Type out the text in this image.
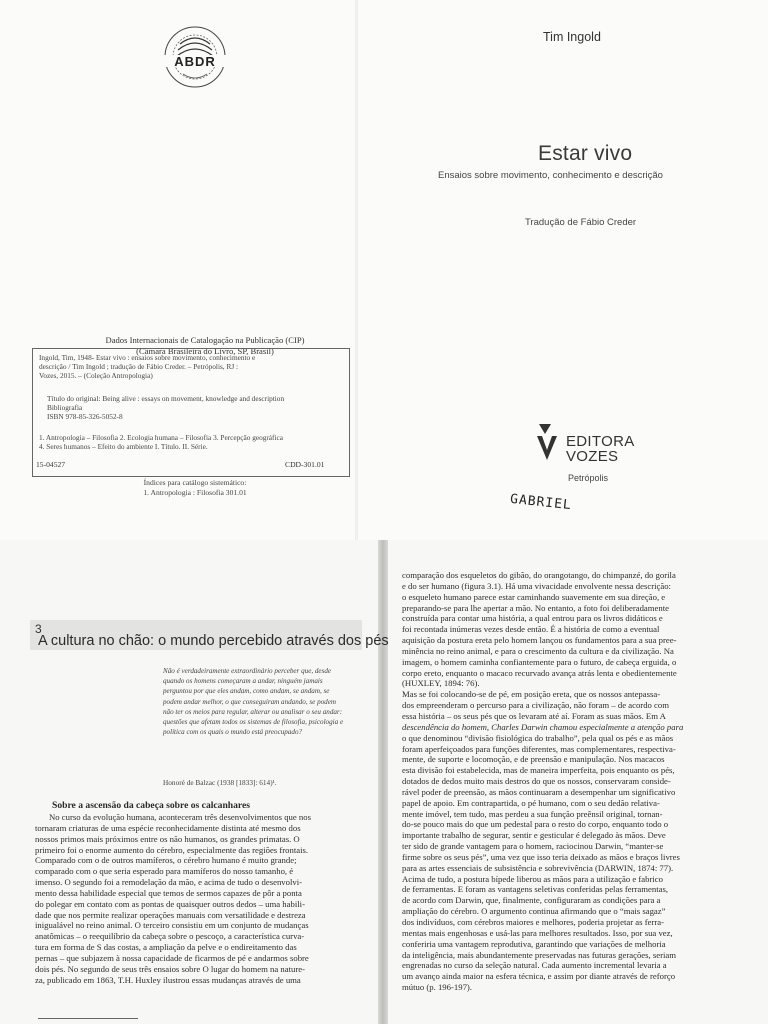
ABDR
Tim Ingold
Estar vivo
Ensaios sobre movimento, conhecimento e descrição
Tradução de Fábio Creder
Dados Internacionais de Catalogação na Publicação (CIP)
(Câmara Brasileira do Livro, SP, Brasil)
Ingold, Tim, 1948- Estar vivo : ensaios sobre movimento, conhecimento e
descrição / Tim Ingold ; tradução de Fábio Creder. – Petrópolis, RJ :
Vozes, 2015. – (Coleção Antropologia)
Título do original: Being alive : essays on movement, knowledge and description
Bibliografia
ISBN 978-85-326-5052-8
1. Antropologia – Filosofia 2. Ecologia humana – Filosofia 3. Percepção geográfica
4. Seres humanos – Efeito do ambiente I. Título. II. Série.
15-04527	CDD-301.01
Índices para catálogo sistemático:
1. Antropologia : Filosofia 301.01
EDITORA
VOZES
Petrópolis
GABRIEL
3
A cultura no chão: o mundo percebido através dos pés
Não é verdadeiramente extraordinário perceber que, desde
quando os homens começaram a andar, ninguém jamais
perguntou por que eles andam, como andam, se andam, se
podem andar melhor, o que conseguiram andando, se podem
não ter os meios para regular, alterar ou analisar o seu andar:
questões que afetam todos os sistemas de filosofia, psicologia e
política com os quais o mundo está preocupado?
Honoré de Balzac (1938 [1833]: 614)¹.
Sobre a ascensão da cabeça sobre os calcanhares
No curso da evolução humana, aconteceram três desenvolvimentos que nos
tornaram criaturas de uma espécie reconhecidamente distinta até mesmo dos
nossos primos mais próximos entre os não humanos, os grandes primatas. O
primeiro foi o enorme aumento do cérebro, especialmente das regiões frontais.
Comparado com o de outros mamíferos, o cérebro humano é muito grande;
comparado com o que seria esperado para mamíferos do nosso tamanho, é
imenso. O segundo foi a remodelação da mão, e acima de tudo o desenvolvi-
mento dessa habilidade especial que temos de sermos capazes de pôr a ponta
do polegar em contato com as pontas de quaisquer outros dedos – uma habili-
dade que nos permite realizar operações manuais com versatilidade e destreza
inigualável no reino animal. O terceiro consistiu em um conjunto de mudanças
anatômicas – o reequilíbrio da cabeça sobre o pescoço, a característica curva-
tura em forma de S das costas, a ampliação da pelve e o endireitamento das
pernas – que subjazem à nossa capacidade de ficarmos de pé e andarmos sobre
dois pés. No segundo de seus três ensaios sobre O lugar do homem na nature-
za, publicado em 1863, T.H. Huxley ilustrou essas mudanças através de uma
comparação dos esqueletos do gibão, do orangotango, do chimpanzé, do gorila
e do ser humano (figura 3.1). Há uma vivacidade envolvente nessa descrição:
o esqueleto humano parece estar caminhando suavemente em sua direção, e
preparando-se para lhe apertar a mão. No entanto, a foto foi deliberadamente
construída para contar uma história, a qual entrou para os livros didáticos e
foi recontada inúmeras vezes desde então. É a história de como a eventual
aquisição da postura ereta pelo homem lançou os fundamentos para a sua pree-
minência no reino animal, e para o crescimento da cultura e da civilização. Na
imagem, o homem caminha confiantemente para o futuro, de cabeça erguida, o
corpo ereto, enquanto o macaco recurvado avança atrás lenta e obedientemente
(HUXLEY, 1894: 76).
Mas se foi colocando-se de pé, em posição ereta, que os nossos antepassa-
dos empreenderam o percurso para a civilização, não foram – de acordo com
essa história – os seus pés que os levaram até aí. Foram as suas mãos. Em A
descendência do homem, Charles Darwin chamou especialmente a atenção para
o que denominou “divisão fisiológica do trabalho”, pela qual os pés e as mãos
foram aperfeiçoados para funções diferentes, mas complementares, respectiva-
mente, de suporte e locomoção, e de preensão e manipulação. Nos macacos
esta divisão foi estabelecida, mas de maneira imperfeita, pois enquanto os pés,
dotados de dedos muito mais destros do que os nossos, conservaram conside-
rável poder de preensão, as mãos continuaram a desempenhar um significativo
papel de apoio. Em contrapartida, o pé humano, com o seu dedão relativa-
mente imóvel, tem tudo, mas perdeu a sua função preênsil original, tornan-
do-se pouco mais do que um pedestal para o resto do corpo, enquanto todo o
importante trabalho de segurar, sentir e gesticular é delegado às mãos. Deve
ter sido de grande vantagem para o homem, raciocinou Darwin, “manter-se
firme sobre os seus pés”, uma vez que isso teria deixado as mãos e braços livres
para as artes essenciais de subsistência e sobrevivência (DARWIN, 1874: 77).
Acima de tudo, a postura bípede liberou as mãos para a utilização e fabrico
de ferramentas. E foram as vantagens seletivas conferidas pelas ferramentas,
de acordo com Darwin, que, finalmente, configuraram as condições para a
ampliação do cérebro. O argumento continua afirmando que o “mais sagaz”
dos indivíduos, com cérebros maiores e melhores, poderia projetar as ferra-
mentas mais engenhosas e usá-las para melhores resultados. Isso, por sua vez,
conferiria uma vantagem reprodutiva, garantindo que variações de melhoria
da inteligência, mais abundantemente preservadas nas futuras gerações, seriam
engrenadas no curso da seleção natural. Cada aumento incremental levaria a
um avanço ainda maior na esfera técnica, e assim por diante através de reforço
mútuo (p. 196-197).
